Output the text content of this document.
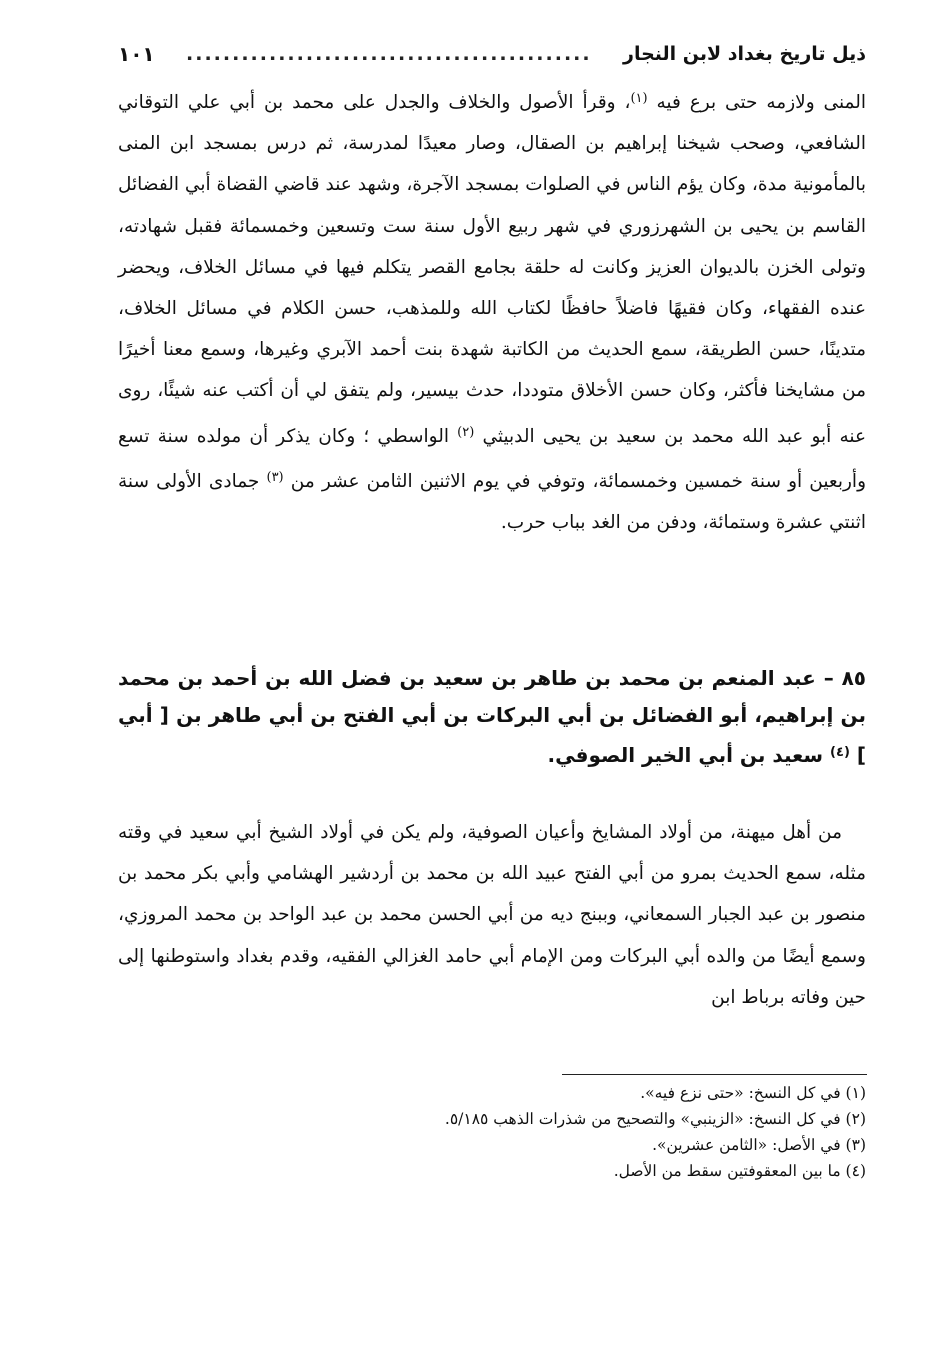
ذيل تاريخ بغداد لابن النجار
............................................
١٠١

المنى ولازمه حتى برع فيه $^{(١)}$، وقرأ الأصول والخلاف والجدل على محمد بن أبي علي التوقاني الشافعي، وصحب شيخنا إبراهيم بن الصقال، وصار معيدًا لمدرسة، ثم درس بمسجد ابن المنى بالمأمونية مدة، وكان يؤم الناس في الصلوات بمسجد الآجرة، وشهد عند قاضي القضاة أبي الفضائل القاسم بن يحيى بن الشهرزوري في شهر ربيع الأول سنة ست وتسعين وخمسمائة فقبل شهادته، وتولى الخزن بالديوان العزيز وكانت له حلقة بجامع القصر يتكلم فيها في مسائل الخلاف، ويحضر عنده الفقهاء، وكان فقيهًا فاضلاً حافظًا لكتاب الله وللمذهب، حسن الكلام في مسائل الخلاف، متدينًا، حسن الطريقة، سمع الحديث من الكاتبة شهدة بنت أحمد الآبري وغيرها، وسمع معنا أخيرًا من مشايخنا فأكثر، وكان حسن الأخلاق متوددا، حدث بيسير، ولم يتفق لي أن أكتب عنه شيئًا، روى عنه أبو عبد الله محمد بن سعيد بن يحيى الدبيثي $^{(٢)}$ الواسطي ؛ وكان يذكر أن مولده سنة تسع وأربعين أو سنة خمسين وخمسمائة، وتوفي في يوم الاثنين الثامن عشر من $^{(٣)}$ جمادى الأولى سنة اثنتي عشرة وستمائة، ودفن من الغد بباب حرب.

٨٥ – عبد المنعم بن محمد بن طاهر بن سعيد بن فضل الله بن أحمد بن محمد بن إبراهيم، أبو الفضائل بن أبي البركات بن أبي الفتح بن أبي طاهر بن [ أبي ] $^{(٤)}$ سعيد بن أبي الخير الصوفي.

من أهل ميهنة، من أولاد المشايخ وأعيان الصوفية، ولم يكن في أولاد الشيخ أبي سعيد في وقته مثله، سمع الحديث بمرو من أبي الفتح عبيد الله بن محمد بن أردشير الهشامي وأبي بكر محمد بن منصور بن عبد الجبار السمعاني، وببنج ديه من أبي الحسن محمد بن عبد الواحد بن محمد المروزي، وسمع أيضًا من والده أبي البركات ومن الإمام أبي حامد الغزالي الفقيه، وقدم بغداد واستوطنها إلى حين وفاته برباط ابن

(١) في كل النسخ: «حتى نزع فيه».

(٢) في كل النسخ: «الزينبي» والتصحيح من شذرات الذهب ٥/١٨٥.

(٣) في الأصل: «الثامن عشرين».

(٤) ما بين المعقوفتين سقط من الأصل.
